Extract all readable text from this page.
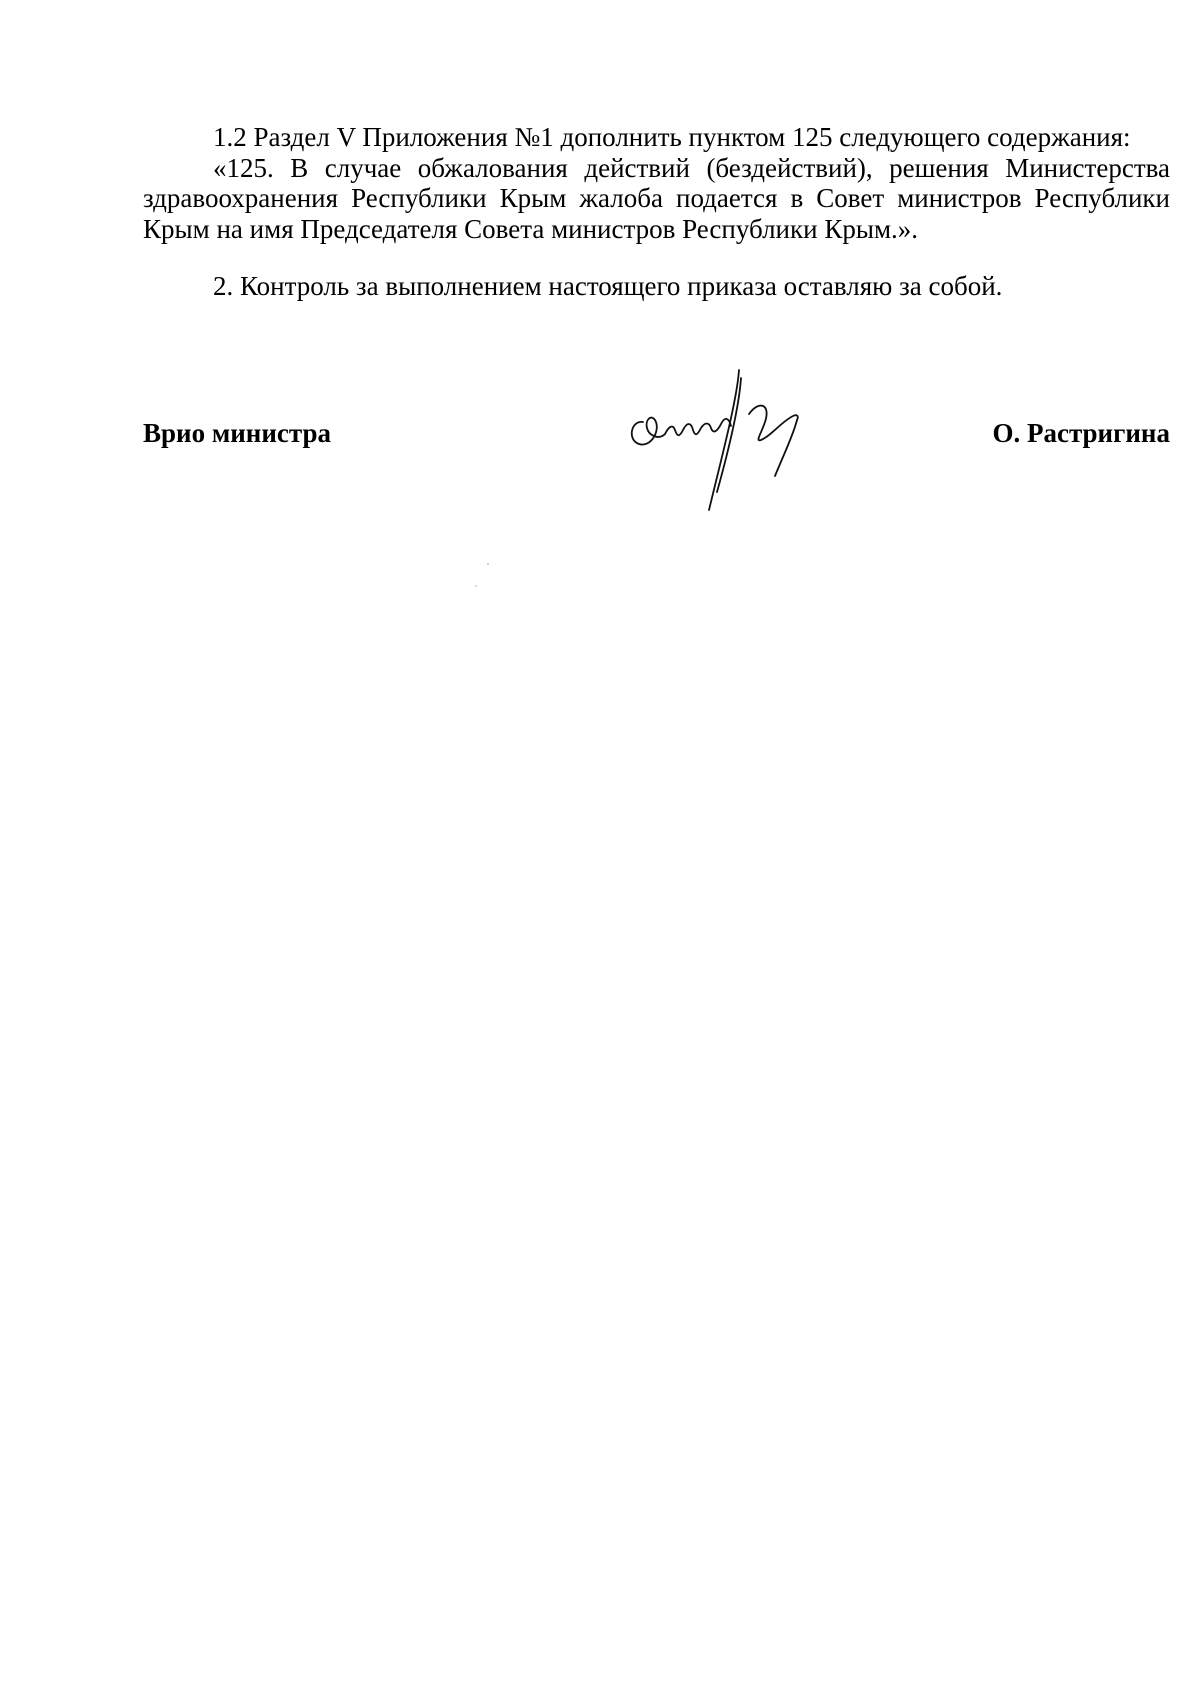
1.2 Раздел V Приложения №1 дополнить пунктом 125 следующего содержания:

«125. В случае обжалования действий (бездействий), решения Министерства здравоохранения Республики Крым жалоба подается в Совет министров Республики Крым на имя Председателя Совета министров Республики Крым.».

2. Контроль за выполнением настоящего приказа оставляю за собой.

Врио министра	О. Растригина
